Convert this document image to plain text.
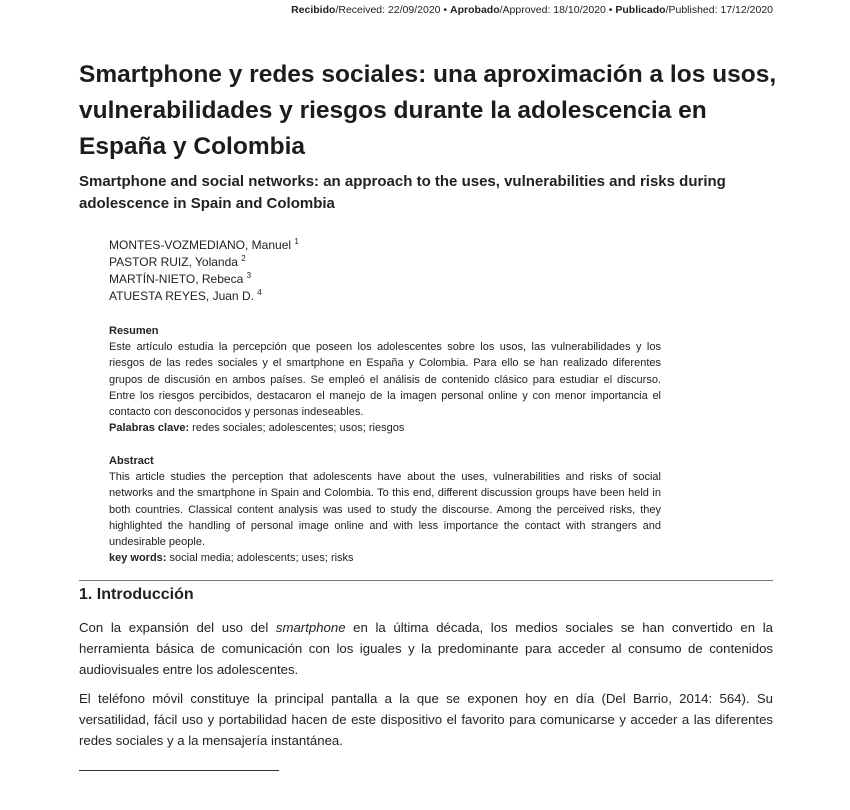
Recibido/Received: 22/09/2020 • Aprobado/Approved: 18/10/2020 • Publicado/Published: 17/12/2020
Smartphone y redes sociales: una aproximación a los usos, vulnerabilidades y riesgos durante la adolescencia en España y Colombia
Smartphone and social networks: an approach to the uses, vulnerabilities and risks during adolescence in Spain and Colombia
MONTES-VOZMEDIANO, Manuel $^1$
PASTOR RUIZ, Yolanda $^2$
MARTÍN-NIETO, Rebeca $^3$
ATUESTA REYES, Juan D. $^4$
Resumen

Este artículo estudia la percepción que poseen los adolescentes sobre los usos, las vulnerabilidades y los riesgos de las redes sociales y el smartphone en España y Colombia. Para ello se han realizado diferentes grupos de discusión en ambos países. Se empleó el análisis de contenido clásico para estudiar el discurso. Entre los riesgos percibidos, destacaron el manejo de la imagen personal online y con menor importancia el contacto con desconocidos y personas indeseables.

Palabras clave: redes sociales; adolescentes; usos; riesgos
Abstract

This article studies the perception that adolescents have about the uses, vulnerabilities and risks of social networks and the smartphone in Spain and Colombia. To this end, different discussion groups have been held in both countries. Classical content analysis was used to study the discourse. Among the perceived risks, they highlighted the handling of personal image online and with less importance the contact with strangers and undesirable people.

key words: social media; adolescents; uses; risks
1. Introducción

Con la expansión del uso del smartphone en la última década, los medios sociales se han convertido en la herramienta básica de comunicación con los iguales y la predominante para acceder al consumo de contenidos audiovisuales entre los adolescentes.

El teléfono móvil constituye la principal pantalla a la que se exponen hoy en día (Del Barrio, 2014: 564). Su versatilidad, fácil uso y portabilidad hacen de este dispositivo el favorito para comunicarse y acceder a las diferentes redes sociales y a la mensajería instantánea.
